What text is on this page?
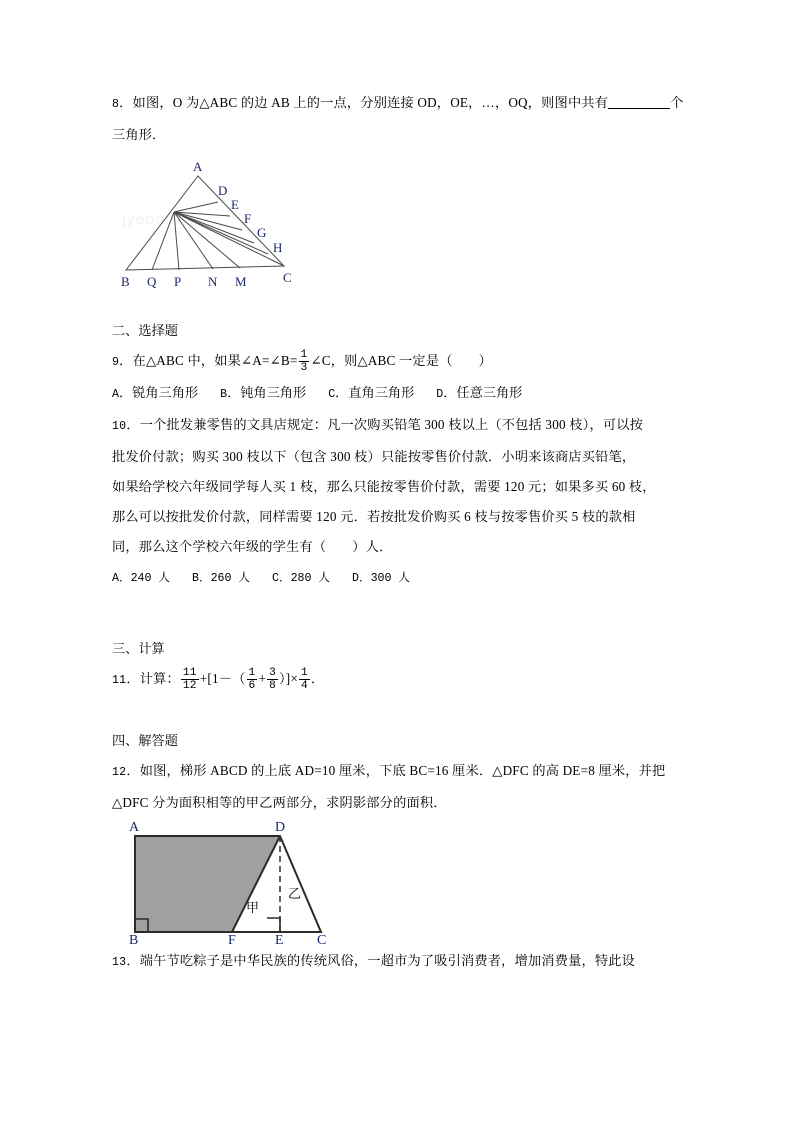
8．如图，O 为△ABC 的边 AB 上的一点，分别连接 OD，OE，…，OQ，则图中共有	个
三角形．
jyeooo
A
D
E
F
G
H
B Q P N M	C
二、选择题
9．在△ABC 中，如果∠A=∠B= $\frac{1}{3}$ ∠C，则△ABC 一定是（ ）
A．锐角三角形 B．钝角三角形 C．直角三角形 D．任意三角形
10．一个批发兼零售的文具店规定：凡一次购买铅笔 300 枝以上（不包括 300 枝），可以按
批发价付款；购买 300 枝以下（包含 300 枝）只能按零售价付款．小明来该商店买铅笔，
如果给学校六年级同学每人买 1 枝，那么只能按零售价付款，需要 120 元；如果多买 60 枝，
那么可以按批发价付款，同样需要 120 元．若按批发价购买 6 枝与按零售价买 5 枝的款相
同，那么这个学校六年级的学生有（ ）人．
A．240 人 B．260 人 C．280 人 D．300 人
三、计算
11．计算： $\frac{11}{12} +[1-( \frac{1}{6} + \frac{3}{8}$ ）]× $\frac{1}{4}$ ．
四、解答题
12．如图，梯形 ABCD 的上底 AD=10 厘米，下底 BC=16 厘米．△DFC 的高 DE=8 厘米，并把
△DFC 分为面积相等的甲乙两部分，求阴影部分的面积．
A	D
B	F	E C
甲
乙
13．端午节吃粽子是中华民族的传统风俗，一超市为了吸引消费者，增加消费量，特此设
